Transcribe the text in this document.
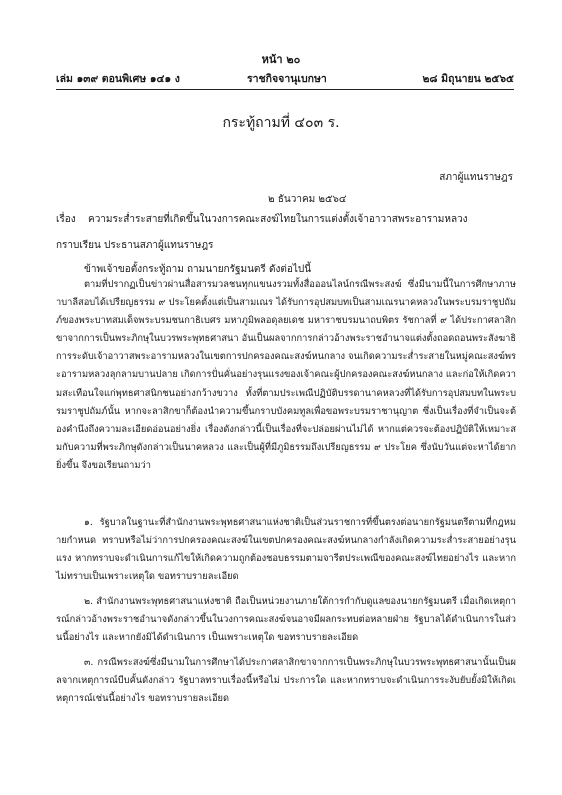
หน้า ๒๐
เล่ม ๑๓๙ ตอนพิเศษ ๑๔๑ ง	ราชกิจจานุเบกษา	๒๘ มิถุนายน ๒๕๖๕
กระทู้ถามที่ ๔๐๓ ร.
สภาผู้แทนราษฎร
๒ ธันวาคม ๒๕๖๔
เรื่อง ความระส่ำระสายที่เกิดขึ้นในวงการคณะสงฆ์ไทยในการแต่งตั้งเจ้าอาวาสพระอารามหลวง
กราบเรียน ประธานสภาผู้แทนราษฎร
ข้าพเจ้าขอตั้งกระทู้ถาม ถามนายกรัฐมนตรี ดังต่อไปนี้
ตามที่ปรากฏเป็นข่าวผ่านสื่อสารมวลชนทุกแขนงรวมทั้งสื่อออนไลน์กรณีพระสงฆ์ ซึ่งมีนามนี้ในการศึกษาภาษาบาลีสอบได้เปรียญธรรม ๙ ประโยคตั้งแต่เป็นสามเณร ได้รับการอุปสมบทเป็นสามเณรนาคหลวงในพระบรมราชูปถัมภ์ของพระบาทสมเด็จพระบรมชนกาธิเบศร มหาภูมิพลอดุลยเดช มหาราชบรมนาถบพิตร รัชกาลที่ ๙ ได้ประกาศลาสิกขาจากการเป็นพระภิกษุในบวรพระพุทธศาสนา อันเป็นผลจากการกล่าวอ้างพระราชอำนาจแต่งตั้งถอดถอนพระสังฆาธิการระดับเจ้าอาวาสพระอารามหลวงในเขตการปกครองคณะสงฆ์หนกลาง จนเกิดความระส่ำระสายในหมู่คณะสงฆ์พระอารามหลวงลุกลามบานปลาย เกิดการปั่นคั่นอย่างรุนแรงของเจ้าคณะผู้ปกครองคณะสงฆ์หนกลาง และก่อให้เกิดความสะเทือนใจแก่พุทธศาสนิกชนอย่างกว้างขวาง ทั้งที่ตามประเพณีปฏิบัติบรรดานาคหลวงที่ได้รับการอุปสมบทในพระบรมราชูปถัมภ์นั้น หากจะลาสิกขาก็ต้องนำความขึ้นกราบบังคมทูลเพื่อขอพระบรมราชานุญาต ซึ่งเป็นเรื่องที่จำเป็นจะต้องคำนึงถึงความละเอียดอ่อนอย่างยิ่ง เรื่องดังกล่าวนี้เป็นเรื่องที่จะปล่อยผ่านไม่ได้ หากแต่ควรจะต้องปฏิบัติให้เหมาะสมกับความที่พระภิกษุดังกล่าวเป็นนาคหลวง และเป็นผู้ที่มีภูมิธรรมถึงเปรียญธรรม ๙ ประโยค ซึ่งนับวันแต่จะหาได้ยากยิ่งขึ้น จึงขอเรียนถามว่า
๑. รัฐบาลในฐานะที่สำนักงานพระพุทธศาสนาแห่งชาติเป็นส่วนราชการที่ขึ้นตรงต่อนายกรัฐมนตรีตามที่กฎหมายกำหนด ทราบหรือไม่ว่าการปกครองคณะสงฆ์ในเขตปกครองคณะสงฆ์หนกลางกำลังเกิดความระส่ำระสายอย่างรุนแรง หากทราบจะดำเนินการแก้ไขให้เกิดความถูกต้องชอบธรรมตามจารีตประเพณีของคณะสงฆ์ไทยอย่างไร และหากไม่ทราบเป็นเพราะเหตุใด ขอทราบรายละเอียด
๒. สำนักงานพระพุทธศาสนาแห่งชาติ ถือเป็นหน่วยงานภายใต้การกำกับดูแลของนายกรัฐมนตรี เมื่อเกิดเหตุการณ์กล่าวอ้างพระราชอำนาจดังกล่าวขึ้นในวงการคณะสงฆ์จนอาจมีผลกระทบต่อหลายฝ่าย รัฐบาลได้ดำเนินการในส่วนนี้อย่างไร และหากยังมิได้ดำเนินการ เป็นเพราะเหตุใด ขอทราบรายละเอียด
๓. กรณีพระสงฆ์ซึ่งมีนามในการศึกษาได้ประกาศลาสิกขาจากการเป็นพระภิกษุในบวรพระพุทธศาสนานั้นเป็นผลจากเหตุการณ์บีบคั้นดังกล่าว รัฐบาลทราบเรื่องนี้หรือไม่ ประการใด และหากทราบจะดำเนินการระงับยับยั้งมิให้เกิดเหตุการณ์เช่นนี้อย่างไร ขอทราบรายละเอียด
